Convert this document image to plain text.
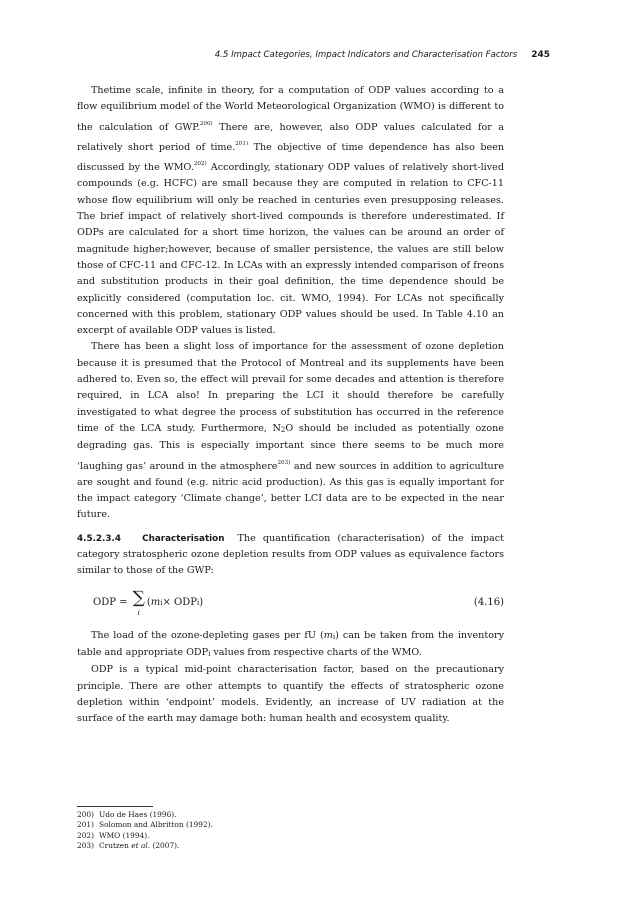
4.5 Impact Categories, Impact Indicators and Characterisation Factors 245

Thetime scale, infinite in theory, for a computation of ODP values according to a flow equilibrium model of the World Meteorological Organization (WMO) is different to the calculation of GWP.$^{200)}$ There are, however, also ODP values calculated for a relatively short period of time.$^{201)}$ The objective of time dependence has also been discussed by the WMO.$^{202)}$ Accordingly, stationary ODP values of relatively short-lived compounds (e.g. HCFC) are small because they are computed in relation to CFC-11 whose flow equilibrium will only be reached in centuries even presupposing releases. The brief impact of relatively short-lived compounds is therefore underestimated. If ODPs are calculated for a short time horizon, the values can be around an order of magnitude higher;however, because of smaller persistence, the values are still below those of CFC-11 and CFC-12. In LCAs with an expressly intended comparison of freons and substitution products in their goal definition, the time dependence should be explicitly considered (computation loc. cit. WMO, 1994). For LCAs not specifically concerned with this problem, stationary ODP values should be used. In Table 4.10 an excerpt of available ODP values is listed.

There has been a slight loss of importance for the assessment of ozone depletion because it is presumed that the Protocol of Montreal and its supplements have been adhered to. Even so, the effect will prevail for some decades and attention is therefore required, in LCA also! In preparing the LCI it should therefore be carefully investigated to what degree the process of substitution has occurred in the reference time of the LCA study. Furthermore, N2O should be included as potentially ozone degrading gas. This is especially important since there seems to be much more ‘laughing gas’ around in the atmosphere$^{203)}$ and new sources in addition to agriculture are sought and found (e.g. nitric acid production). As this gas is equally important for the impact category ‘Climate change’, better LCI data are to be expected in the near future.

4.5.2.3.4 Characterisation The quantification (characterisation) of the impact category stratospheric ozone depletion results from ODP values as equivalence factors similar to those of the GWP:

ODP =
∑
i
( m i × ODP i )	(4.16)

The load of the ozone-depleting gases per fU (mi) can be taken from the inventory table and appropriate ODPi values from respective charts of the WMO.

ODP is a typical mid-point characterisation factor, based on the precautionary principle. There are other attempts to quantify the effects of stratospheric ozone depletion within ‘endpoint’ models. Evidently, an increase of UV radiation at the surface of the earth may damage both: human health and ecosystem quality.

200) Udo de Haes (1996).
201) Solomon and Albritton (1992).
202) WMO (1994).
203) Crutzen et al. (2007).
